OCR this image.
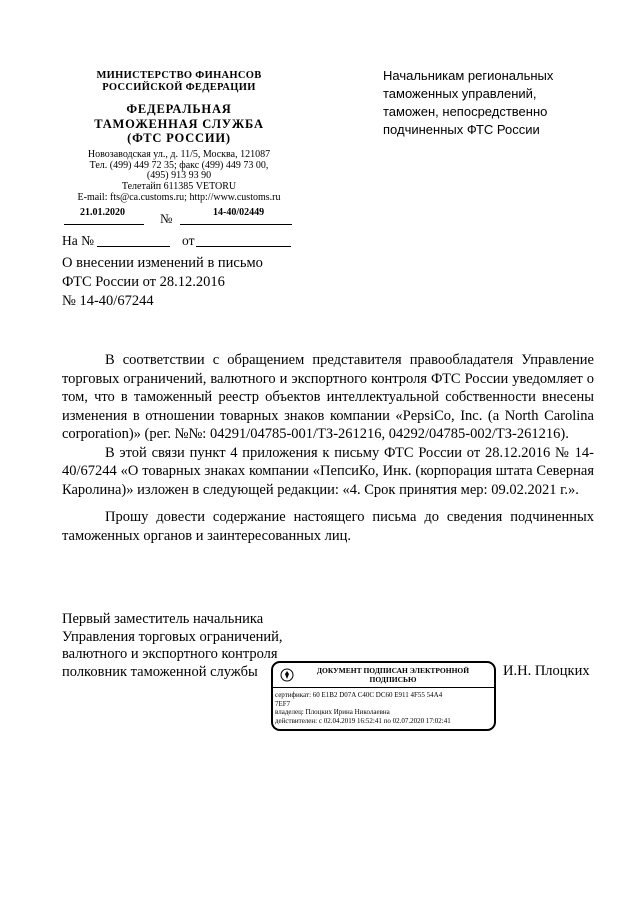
МИНИСТЕРСТВО ФИНАНСОВ
РОССИЙСКОЙ ФЕДЕРАЦИИ
ФЕДЕРАЛЬНАЯ
ТАМОЖЕННАЯ СЛУЖБА
(ФТС РОССИИ)
Новозаводская ул., д. 11/5, Москва, 121087
Тел. (499) 449 72 35; факс (499) 449 73 00,
(495) 913 93 90
Телетайп 611385 VETORU
E-mail: fts@ca.customs.ru; http://www.customs.ru
21.01.2020	№	14-40/02449
На №	от
Начальникам региональных
таможенных управлений,
таможен, непосредственно
подчиненных ФТС России
О внесении изменений в письмо
ФТС России от 28.12.2016
№ 14-40/67244

В соответствии с обращением представителя правообладателя Управление торговых ограничений, валютного и экспортного контроля ФТС России уведомляет о том, что в таможенный реестр объектов интеллектуальной собственности внесены изменения в отношении товарных знаков компании «PepsiCo, Inc. (a North Carolina corporation)» (рег. №№: 04291/04785-001/ТЗ-261216, 04292/04785-002/ТЗ-261216).

В этой связи пункт 4 приложения к письму ФТС России от 28.12.2016 № 14-40/67244 «О товарных знаках компании «ПепсиКо, Инк. (корпорация штата Северная Каролина)» изложен в следующей редакции: «4. Срок принятия мер: 09.02.2021 г.».

Прошу довести содержание настоящего письма до сведения подчиненных таможенных органов и заинтересованных лиц.

Первый заместитель начальника
Управления торговых ограничений,
валютного и экспортного контроля
полковник таможенной службы	И.Н. Плоцких
ДОКУМЕНТ ПОДПИСАН ЭЛЕКТРОННОЙ
ПОДПИСЬЮ
сертификат: 60 E1B2 D07A C40C DC60 E911 4F55 54A4
7EF7
владелец: Плоцких Ирина Николаевна
действителен: с 02.04.2019 16:52:41 по 02.07.2020 17:02:41
